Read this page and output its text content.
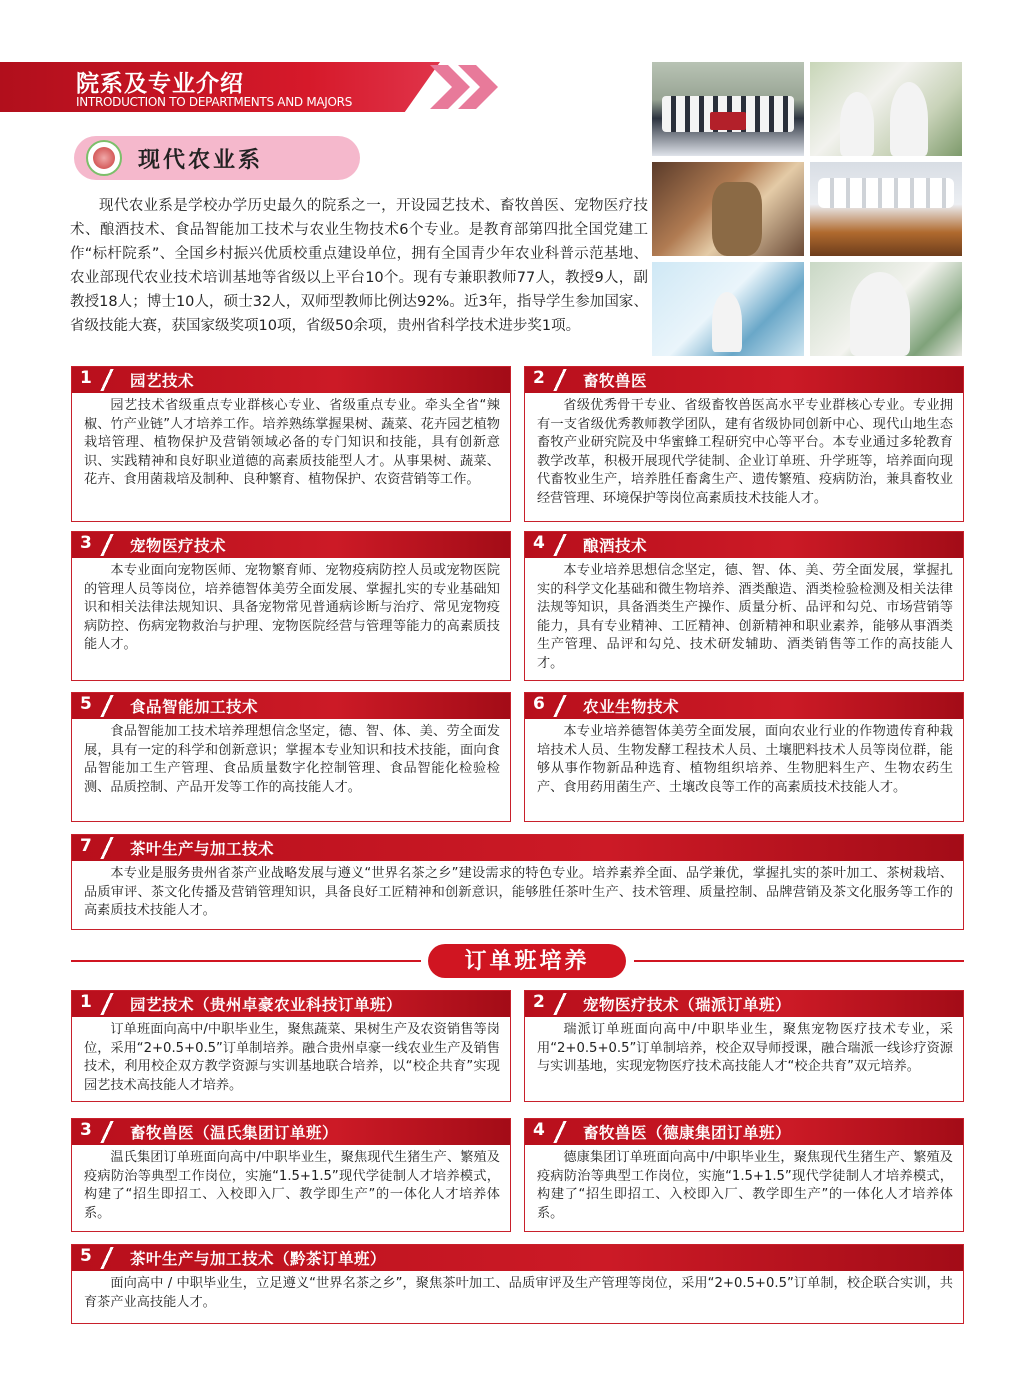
院系及专业介绍
INTRODUCTION TO DEPARTMENTS AND MAJORS
现代农业系

现代农业系是学校办学历史最久的院系之一，开设园艺技术、畜牧兽医、宠物医疗技术、酿酒技术、食品智能加工技术与农业生物技术6个专业。是教育部第四批全国党建工作“标杆院系”、全国乡村振兴优质校重点建设单位，拥有全国青少年农业科普示范基地、农业部现代农业技术培训基地等省级以上平台10个。现有专兼职教师77人，教授9人，副教授18人；博士10人，硕士32人，双师型教师比例达92%。近3年，指导学生参加国家、省级技能大赛，获国家级奖项10项，省级50余项，贵州省科学技术进步奖1项。

1 园艺技术

园艺技术省级重点专业群核心专业、省级重点专业。牵头全省“辣椒、竹产业链”人才培养工作。培养熟练掌握果树、蔬菜、花卉园艺植物栽培管理、植物保护及营销领域必备的专门知识和技能，具有创新意识、实践精神和良好职业道德的高素质技能型人才。从事果树、蔬菜、花卉、食用菌栽培及制种、良种繁育、植物保护、农资营销等工作。

2 畜牧兽医

省级优秀骨干专业、省级畜牧兽医高水平专业群核心专业。专业拥有一支省级优秀教师教学团队，建有省级协同创新中心、现代山地生态畜牧产业研究院及中华蜜蜂工程研究中心等平台。本专业通过多轮教育教学改革，积极开展现代学徒制、企业订单班、升学班等，培养面向现代畜牧业生产，培养胜任畜禽生产、遗传繁殖、疫病防治，兼具畜牧业经营管理、环境保护等岗位高素质技术技能人才。

3 宠物医疗技术

本专业面向宠物医师、宠物繁育师、宠物疫病防控人员或宠物医院的管理人员等岗位，培养德智体美劳全面发展、掌握扎实的专业基础知识和相关法律法规知识、具备宠物常见普通病诊断与治疗、常见宠物疫病防控、伤病宠物救治与护理、宠物医院经营与管理等能力的高素质技能人才。

4 酿酒技术

本专业培养思想信念坚定，德、智、体、美、劳全面发展，掌握扎实的科学文化基础和微生物培养、酒类酿造、酒类检验检测及相关法律法规等知识，具备酒类生产操作、质量分析、品评和勾兑、市场营销等能力，具有专业精神、工匠精神、创新精神和职业素养，能够从事酒类生产管理、品评和勾兑、技术研发辅助、酒类销售等工作的高技能人才。

5 食品智能加工技术

食品智能加工技术培养理想信念坚定，德、智、体、美、劳全面发展，具有一定的科学和创新意识；掌握本专业知识和技术技能，面向食品智能加工生产管理、食品质量数字化控制管理、食品智能化检验检测、品质控制、产品开发等工作的高技能人才。

6 农业生物技术

本专业培养德智体美劳全面发展，面向农业行业的作物遗传育种栽培技术人员、生物发酵工程技术人员、土壤肥料技术人员等岗位群，能够从事作物新品种选育、植物组织培养、生物肥料生产、生物农药生产、食用药用菌生产、土壤改良等工作的高素质技术技能人才。

7 茶叶生产与加工技术

本专业是服务贵州省茶产业战略发展与遵义“世界名茶之乡”建设需求的特色专业。培养素养全面、品学兼优，掌握扎实的茶叶加工、茶树栽培、品质审评、茶文化传播及营销管理知识，具备良好工匠精神和创新意识，能够胜任茶叶生产、技术管理、质量控制、品牌营销及茶文化服务等工作的高素质技术技能人才。

订单班培养
1 园艺技术（贵州卓豪农业科技订单班）

订单班面向高中/中职毕业生，聚焦蔬菜、果树生产及农资销售等岗位，采用“2+0.5+0.5”订单制培养。融合贵州卓豪一线农业生产及销售技术，利用校企双方教学资源与实训基地联合培养，以“校企共育”实现园艺技术高技能人才培养。

2 宠物医疗技术（瑞派订单班）

瑞派订单班面向高中/中职毕业生，聚焦宠物医疗技术专业，采用“2+0.5+0.5”订单制培养，校企双导师授课，融合瑞派一线诊疗资源与实训基地，实现宠物医疗技术高技能人才“校企共育”双元培养。

3 畜牧兽医（温氏集团订单班）

温氏集团订单班面向高中/中职毕业生，聚焦现代生猪生产、繁殖及疫病防治等典型工作岗位，实施“1.5+1.5”现代学徒制人才培养模式，构建了“招生即招工、入校即入厂、教学即生产”的一体化人才培养体系。

4 畜牧兽医（德康集团订单班）

德康集团订单班面向高中/中职毕业生，聚焦现代生猪生产、繁殖及疫病防治等典型工作岗位，实施“1.5+1.5”现代学徒制人才培养模式，构建了“招生即招工、入校即入厂、教学即生产”的一体化人才培养体系。

5 茶叶生产与加工技术（黔茶订单班）

面向高中 / 中职毕业生，立足遵义“世界名茶之乡”，聚焦茶叶加工、品质审评及生产管理等岗位，采用“2+0.5+0.5”订单制，校企联合实训，共育茶产业高技能人才。
